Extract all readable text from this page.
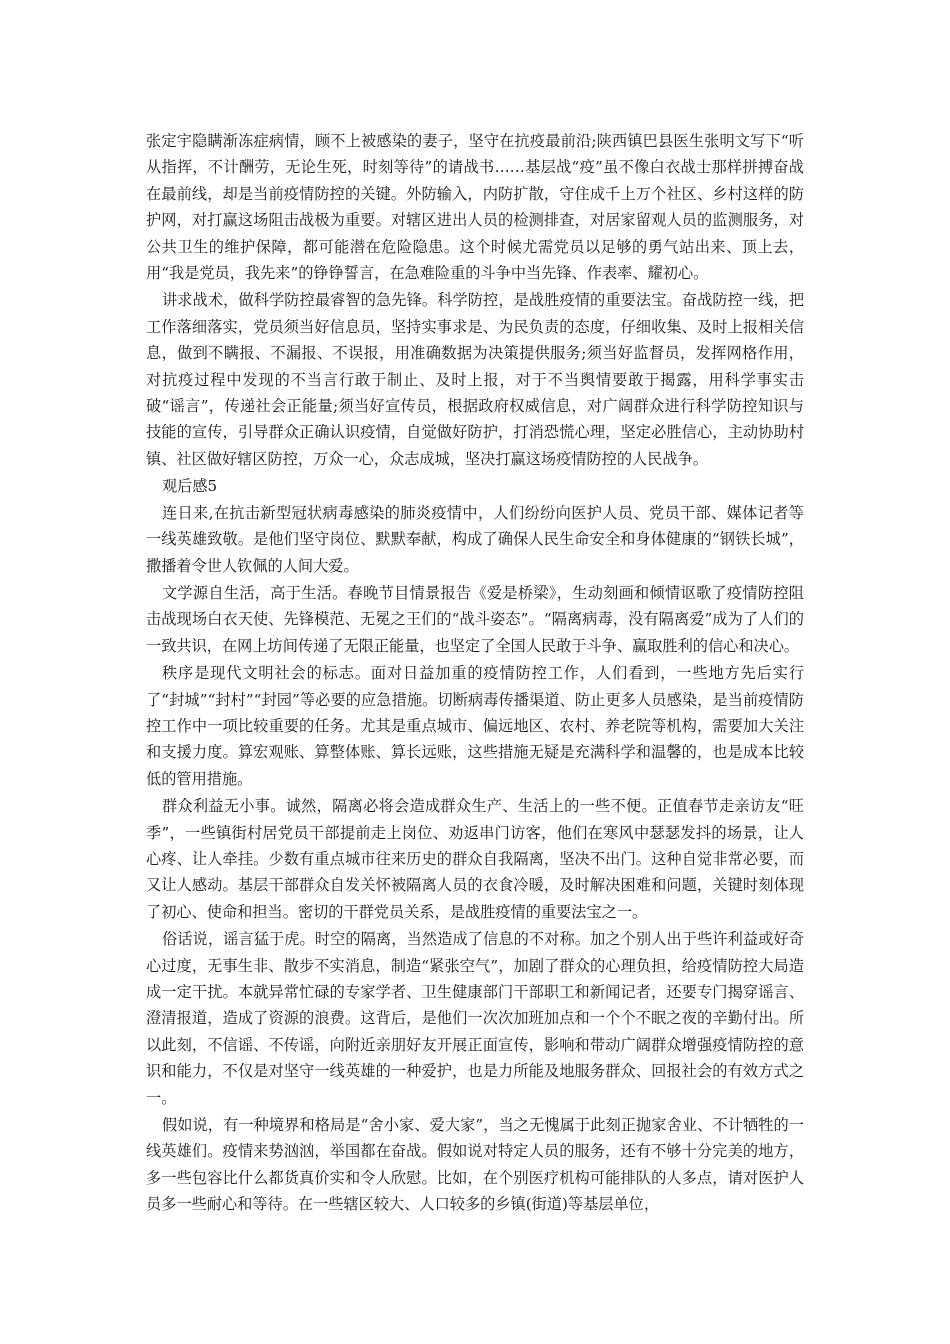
张定宇隐瞒渐冻症病情，顾不上被感染的妻子，坚守在抗疫最前沿;陕西镇巴县医生张明文写下“听从指挥，不计酬劳，无论生死，时刻等待”的请战书……基层战“疫”虽不像白衣战士那样拼搏奋战在最前线，却是当前疫情防控的关键。外防输入，内防扩散，守住成千上万个社区、乡村这样的防护网，对打赢这场阻击战极为重要。对辖区进出人员的检测排查，对居家留观人员的监测服务，对公共卫生的维护保障，都可能潜在危险隐患。这个时候尤需党员以足够的勇气站出来、顶上去，用“我是党员，我先来”的铮铮誓言，在急难险重的斗争中当先锋、作表率、耀初心。

讲求战术，做科学防控最睿智的急先锋。科学防控，是战胜疫情的重要法宝。奋战防控一线，把工作落细落实，党员须当好信息员，坚持实事求是、为民负责的态度，仔细收集、及时上报相关信息，做到不瞒报、不漏报、不误报，用准确数据为决策提供服务;须当好监督员，发挥网格作用，对抗疫过程中发现的不当言行敢于制止、及时上报，对于不当舆情要敢于揭露，用科学事实击破“谣言”，传递社会正能量;须当好宣传员，根据政府权威信息，对广阔群众进行科学防控知识与技能的宣传，引导群众正确认识疫情，自觉做好防护，打消恐慌心理，坚定必胜信心，主动协助村镇、社区做好辖区防控，万众一心，众志成城，坚决打赢这场疫情防控的人民战争。

观后感5

连日来,在抗击新型冠状病毒感染的肺炎疫情中，人们纷纷向医护人员、党员干部、媒体记者等一线英雄致敬。是他们坚守岗位、默默奉献，构成了确保人民生命安全和身体健康的“钢铁长城”，撒播着令世人钦佩的人间大爱。

文学源自生活，高于生活。春晚节目情景报告《爱是桥梁》，生动刻画和倾情讴歌了疫情防控阻击战现场白衣天使、先锋模范、无冕之王们的“战斗姿态”。“隔离病毒，没有隔离爱”成为了人们的一致共识，在网上坊间传递了无限正能量，也坚定了全国人民敢于斗争、赢取胜利的信心和决心。

秩序是现代文明社会的标志。面对日益加重的疫情防控工作，人们看到，一些地方先后实行了“封城”“封村”“封园”等必要的应急措施。切断病毒传播渠道、防止更多人员感染，是当前疫情防控工作中一项比较重要的任务。尤其是重点城市、偏远地区、农村、养老院等机构，需要加大关注和支援力度。算宏观账、算整体账、算长远账，这些措施无疑是充满科学和温馨的，也是成本比较低的管用措施。

群众利益无小事。诚然，隔离必将会造成群众生产、生活上的一些不便。正值春节走亲访友“旺季”，一些镇街村居党员干部提前走上岗位、劝返串门访客，他们在寒风中瑟瑟发抖的场景，让人心疼、让人牵挂。少数有重点城市往来历史的群众自我隔离，坚决不出门。这种自觉非常必要，而又让人感动。基层干部群众自发关怀被隔离人员的衣食冷暖，及时解决困难和问题，关键时刻体现了初心、使命和担当。密切的干群党员关系，是战胜疫情的重要法宝之一。

俗话说，谣言猛于虎。时空的隔离，当然造成了信息的不对称。加之个别人出于些许利益或好奇心过度，无事生非、散步不实消息，制造“紧张空气”，加剧了群众的心理负担，给疫情防控大局造成一定干扰。本就异常忙碌的专家学者、卫生健康部门干部职工和新闻记者，还要专门揭穿谣言、澄清报道，造成了资源的浪费。这背后，是他们一次次加班加点和一个个不眠之夜的辛勤付出。所以此刻，不信谣、不传谣，向附近亲朋好友开展正面宣传，影响和带动广阔群众增强疫情防控的意识和能力，不仅是对坚守一线英雄的一种爱护，也是力所能及地服务群众、回报社会的有效方式之一。

假如说，有一种境界和格局是“舍小家、爱大家”，当之无愧属于此刻正抛家舍业、不计牺牲的一线英雄们。疫情来势汹汹，举国都在奋战。假如说对特定人员的服务，还有不够十分完美的地方，多一些包容比什么都货真价实和令人欣慰。比如，在个别医疗机构可能排队的人多点，请对医护人员多一些耐心和等待。在一些辖区较大、人口较多的乡镇(街道)等基层单位，
